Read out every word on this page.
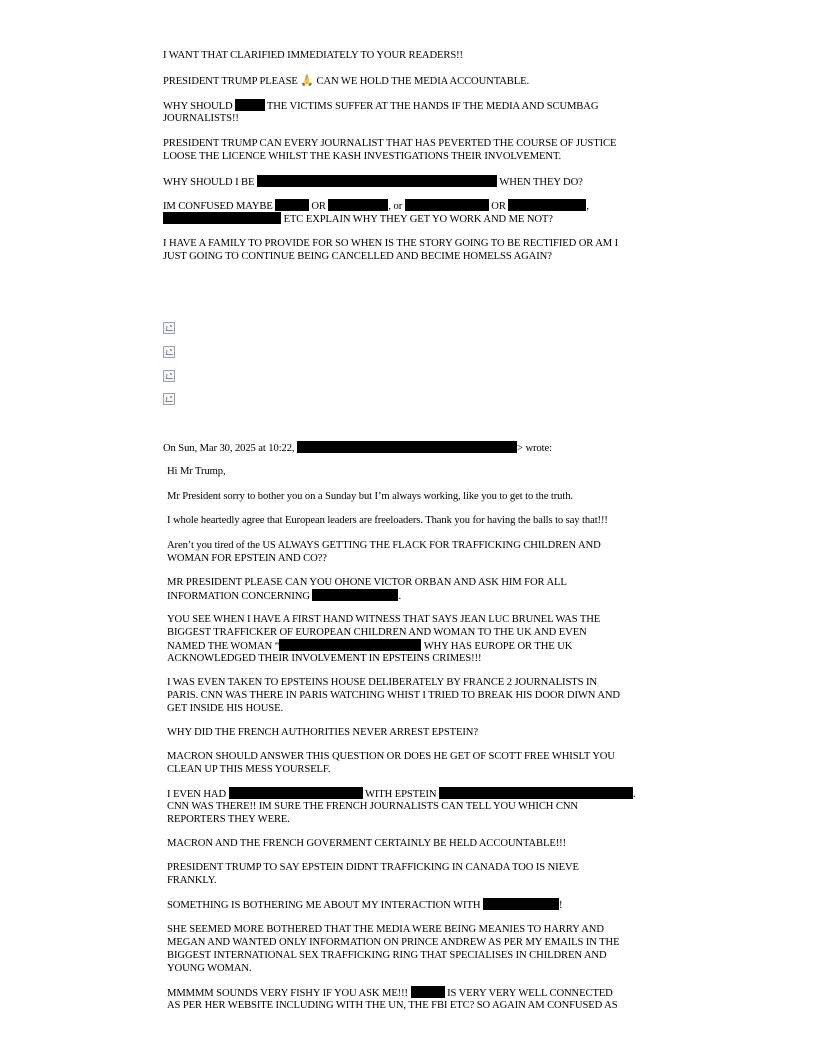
I WANT THAT CLARIFIED IMMEDIATELY TO YOUR READERS!!
PRESIDENT TRUMP PLEASE 🙏 CAN WE HOLD THE MEDIA ACCOUNTABLE.
WHY SHOULD	THE VICTIMS SUFFER AT THE HANDS IF THE MEDIA AND SCUMBAG
JOURNALISTS!!
PRESIDENT TRUMP CAN EVERY JOURNALIST THAT HAS PEVERTED THE COURSE OF JUSTICE
LOOSE THE LICENCE WHILST THE KASH INVESTIGATIONS THEIR INVOLVEMENT.
WHY SHOULD I BE	WHEN THEY DO?
IM CONFUSED MAYBE	OR	, or	OR	,
ETC EXPLAIN WHY THEY GET YO WORK AND ME NOT?
I HAVE A FAMILY TO PROVIDE FOR SO WHEN IS THE STORY GOING TO BE RECTIFIED OR AM I
JUST GOING TO CONTINUE BEING CANCELLED AND BECIME HOMELSS AGAIN?
On Sun, Mar 30, 2025 at 10:22,	> wrote:
Hi Mr Trump,
Mr President sorry to bother you on a Sunday but I’m always working, like you to get to the truth.
I whole heartedly agree that European leaders are freeloaders. Thank you for having the balls to say that!!!
Aren’t you tired of the US ALWAYS GETTING THE FLACK FOR TRAFFICKING CHILDREN AND
WOMAN FOR EPSTEIN AND CO??
MR PRESIDENT PLEASE CAN YOU OHONE VICTOR ORBAN AND ASK HIM FOR ALL
INFORMATION CONCERNING	.
YOU SEE WHEN I HAVE A FIRST HAND WITNESS THAT SAYS JEAN LUC BRUNEL WAS THE
BIGGEST TRAFFICKER OF EUROPEAN CHILDREN AND WOMAN TO THE UK AND EVEN
NAMED THE WOMAN “	WHY HAS EUROPE OR THE UK
ACKNOWLEDGED THEIR INVOLVEMENT IN EPSTEINS CRIMES!!!
I WAS EVEN TAKEN TO EPSTEINS HOUSE DELIBERATELY BY FRANCE 2 JOURNALISTS IN
PARIS. CNN WAS THERE IN PARIS WATCHING WHIST I TRIED TO BREAK HIS DOOR DIWN AND
GET INSIDE HIS HOUSE.
WHY DID THE FRENCH AUTHORITIES NEVER ARREST EPSTEIN?
MACRON SHOULD ANSWER THIS QUESTION OR DOES HE GET OF SCOTT FREE WHISLT YOU
CLEAN UP THIS MESS YOURSELF.
I EVEN HAD	WITH EPSTEIN	.
CNN WAS THERE!! IM SURE THE FRENCH JOURNALISTS CAN TELL YOU WHICH CNN
REPORTERS THEY WERE.
MACRON AND THE FRENCH GOVERMENT CERTAINLY BE HELD ACCOUNTABLE!!!
PRESIDENT TRUMP TO SAY EPSTEIN DIDNT TRAFFICKING IN CANADA TOO IS NIEVE
FRANKLY.
SOMETHING IS BOTHERING ME ABOUT MY INTERACTION WITH	!
SHE SEEMED MORE BOTHERED THAT THE MEDIA WERE BEING MEANIES TO HARRY AND
MEGAN AND WANTED ONLY INFORMATION ON PRINCE ANDREW AS PER MY EMAILS IN THE
BIGGEST INTERNATIONAL SEX TRAFFICKING RING THAT SPECIALISES IN CHILDREN AND
YOUNG WOMAN.
MMMMM SOUNDS VERY FISHY IF YOU ASK ME!!!	IS VERY VERY WELL CONNECTED
AS PER HER WEBSITE INCLUDING WITH THE UN, THE FBI ETC? SO AGAIN AM CONFUSED AS
